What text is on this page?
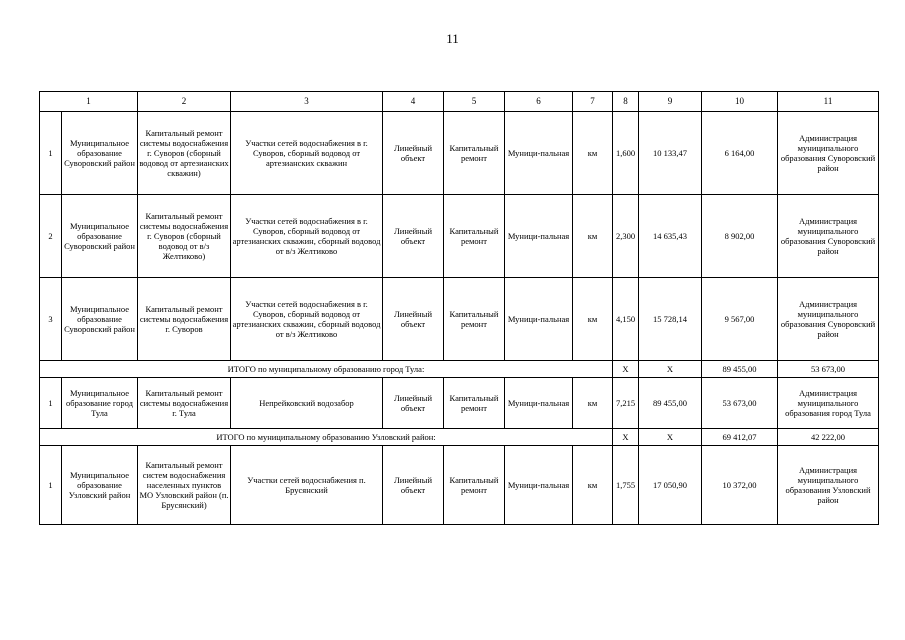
11
1		2	3	4	5	6	7	8	9	10	11	
1	Муниципальное образование Суворовский район	Капитальный ремонт системы водоснабжения г. Суворов (сборный водовод от артезианских скважин)	Участки сетей водоснабжения в г. Суворов, сборный водовод от артезианских скважин	Линейный объект	Капитальный ремонт	Муници-пальная	км	1,600	10 133,47	6 164,00	Администрация муниципального образования Суворовский район	
2	Муниципальное образование Суворовский район	Капитальный ремонт системы водоснабжения г. Суворов (сборный водовод от в/з Желтиково)	Участки сетей водоснабжения в г. Суворов, сборный водовод от артезианских скважин, сборный водовод от в/з Желтиково	Линейный объект	Капитальный ремонт	Муници-пальная	км	2,300	14 635,43	8 902,00	Администрация муниципального образования Суворовский район	
3	Муниципальное образование Суворовский район	Капитальный ремонт системы водоснабжения г. Суворов	Участки сетей водоснабжения в г. Суворов, сборный водовод от артезианских скважин, сборный водовод от в/з Желтиково	Линейный объект	Капитальный ремонт	Муници-пальная	км	4,150	15 728,14	9 567,00	Администрация муниципального образования Суворовский район	
ИТОГО по муниципальному образованию город Тула:								Х	Х	89 455,00	53 673,00	
1	Муниципальное образование город Тула	Капитальный ремонт системы водоснабжения г. Тула	Непрейковский водозабор	Линейный объект	Капитальный ремонт	Муници-пальная	км	7,215	89 455,00	53 673,00	Администрация муниципального образования город Тула	
ИТОГО по муниципальному образованию Узловский район:								Х	Х	69 412,07	42 222,00	
1	Муниципальное образование Узловский район	Капитальный ремонт систем водоснабжения населенных пунктов МО Узловский район (п. Брусянский)	Участки сетей водоснабжения п. Брусянский	Линейный объект	Капитальный ремонт	Муници-пальная	км	1,755	17 050,90	10 372,00	Администрация муниципального образования Узловский район	
